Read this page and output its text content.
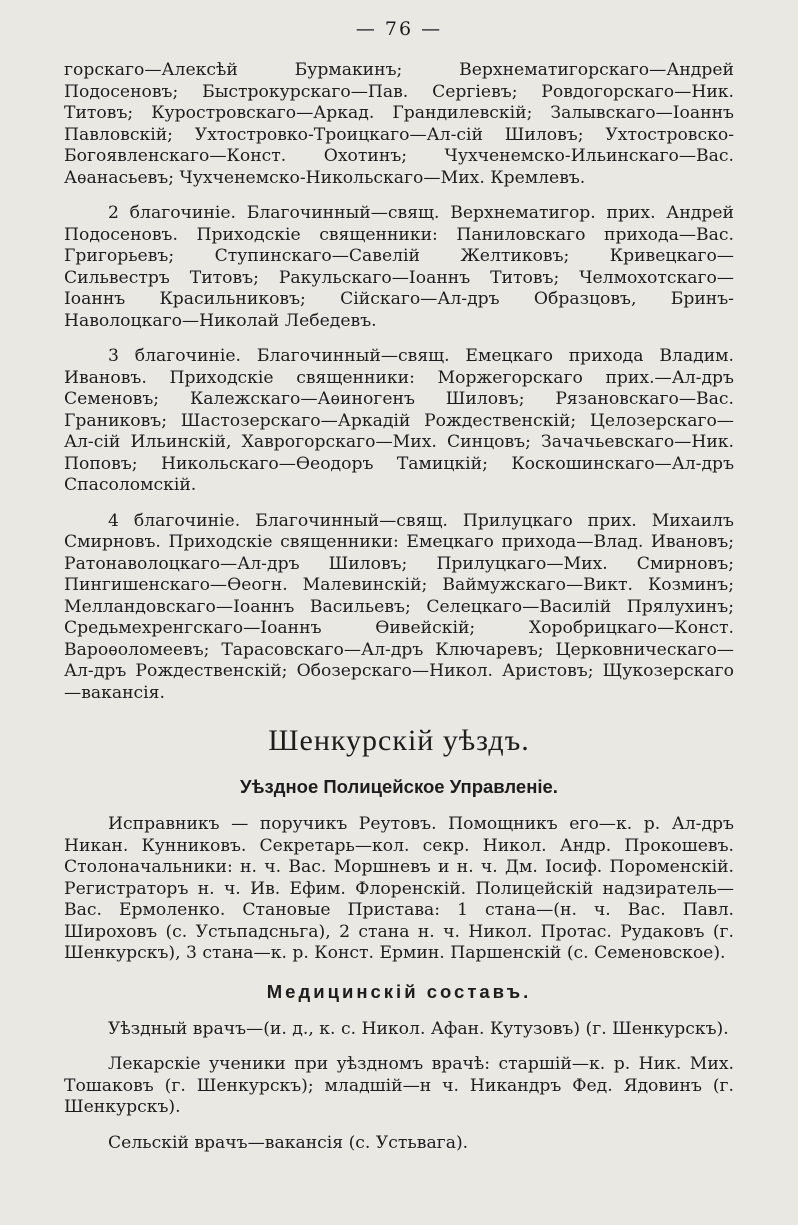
— 76 —

горскаго—Алексѣй Бурмакинъ; Верхнематигорскаго—Андрей Подосеновъ; Быстрокурскаго—Пав. Сергіевъ; Ровдогорскаго—Ник. Титовъ; Куростровскаго—Аркад. Грандилевскій; Залывскаго—Іоаннъ Павловскій; Ухтостровко-Троицкаго—Ал-сій Шиловъ; Ухтостровско-Богоявленскаго—Конст. Охотинъ; Чухченемско-Ильинскаго—Вас. Аѳанасьевъ; Чухченемско-Никольскаго—Мих. Кремлевъ.

2 благочиніе. Благочинный—свящ. Верхнематигор. прих. Андрей Подосеновъ. Приходскіе священники: Паниловскаго прихода—Вас. Григорьевъ; Ступинскаго—Савелій Желтиковъ; Кривецкаго—Сильвестръ Титовъ; Ракульскаго—Іоаннъ Титовъ; Челмохотскаго—Іоаннъ Красильниковъ; Сійскаго—Ал-дръ Образцовъ, Бринъ-Наволоцкаго—Николай Лебедевъ.

3 благочиніе. Благочинный—свящ. Емецкаго прихода Владим. Ивановъ. Приходскіе священники: Моржегорскаго прих.—Ал-дръ Семеновъ; Калежскаго—Аѳиногенъ Шиловъ; Рязановскаго—Вас. Граниковъ; Шастозерскаго—Аркадій Рождественскій; Целозерскаго—Ал-сій Ильинскій, Хаврогорскаго—Мих. Синцовъ; Зачачьевскаго—Ник. Поповъ; Никольскаго—Ѳеодоръ Тамицкій; Коскошинскаго—Ал-дръ Спасоломскій.

4 благочиніе. Благочинный—свящ. Прилуцкаго прих. Михаилъ Смирновъ. Приходскіе священники: Емецкаго прихода—Влад. Ивановъ; Ратонаволоцкаго—Ал-дръ Шиловъ; Прилуцкаго—Мих. Смирновъ; Пингишенскаго—Ѳеогн. Малевинскій; Ваймужскаго—Викт. Козминъ; Мелландовскаго—Іоаннъ Васильевъ; Селецкаго—Василій Прялухинъ; Средьмехренгскаго—Іоаннъ Ѳивейскій; Хоробрицкаго—Конст. Вароѳоломеевъ; Тарасовскаго—Ал-дръ Ключаревъ; Церковническаго—Ал-дръ Рождественскій; Обозерскаго—Никол. Аристовъ; Щукозерскаго—вакансія.

Шенкурскій уѣздъ.
Уѣздное Полицейское Управленіе.

Исправникъ — поручикъ Реутовъ. Помощникъ его—к. р. Ал-дръ Никан. Кунниковъ. Секретарь—кол. секр. Никол. Андр. Прокошевъ. Столоначальники: н. ч. Вас. Моршневъ и н. ч. Дм. Іосиф. Пороменскій. Регистраторъ н. ч. Ив. Ефим. Флоренскій. Полицейскій надзиратель—Вас. Ермоленко. Становые Пристава: 1 стана—(н. ч. Вас. Павл. Широховъ (с. Устьпадсньга), 2 стана н. ч. Никол. Протас. Рудаковъ (г. Шенкурскъ), 3 стана—к. р. Конст. Ермин. Паршенскій (с. Семеновское).

Медицинскій составъ.

Уѣздный врачъ—(и. д., к. с. Никол. Афан. Кутузовъ) (г. Шенкурскъ).

Лекарскіе ученики при уѣздномъ врачѣ: старшій—к. р. Ник. Мих. Тошаковъ (г. Шенкурскъ); младшій—н ч. Никандръ Фед. Ядовинъ (г. Шенкурскъ).

Сельскій врачъ—вакансія (с. Устьвага).
